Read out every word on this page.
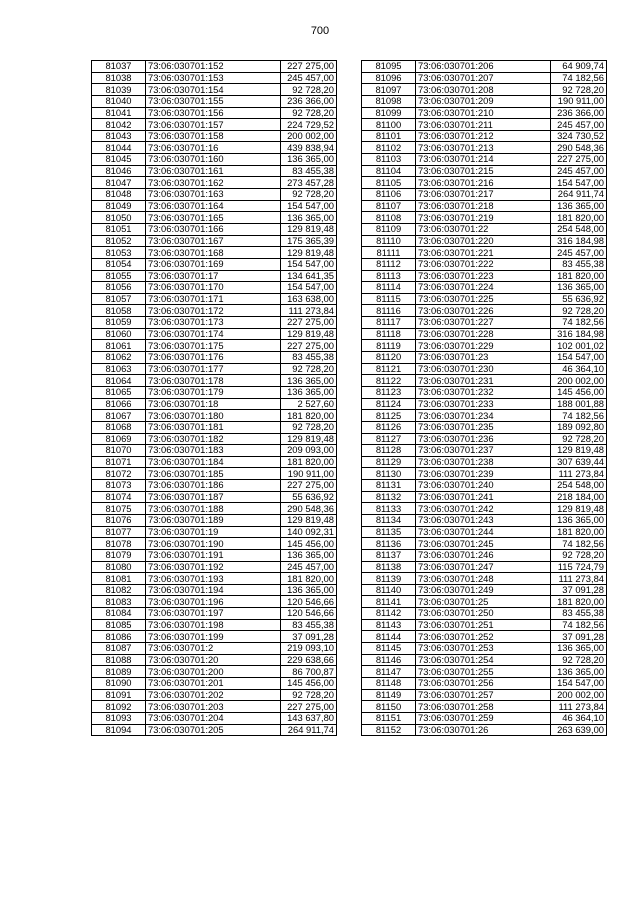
700
81037	73:06:030701:152	227 275,00
81038	73:06:030701:153	245 457,00
81039	73:06:030701:154	92 728,20
81040	73:06:030701:155	236 366,00
81041	73:06:030701:156	92 728,20
81042	73:06:030701:157	224 729,52
81043	73:06:030701:158	200 002,00
81044	73:06:030701:16	439 838,94
81045	73:06:030701:160	136 365,00
81046	73:06:030701:161	83 455,38
81047	73:06:030701:162	273 457,28
81048	73:06:030701:163	92 728,20
81049	73:06:030701:164	154 547,00
81050	73:06:030701:165	136 365,00
81051	73:06:030701:166	129 819,48
81052	73:06:030701:167	175 365,39
81053	73:06:030701:168	129 819,48
81054	73:06:030701:169	154 547,00
81055	73:06:030701:17	134 641,35
81056	73:06:030701:170	154 547,00
81057	73:06:030701:171	163 638,00
81058	73:06:030701:172	111 273,84
81059	73:06:030701:173	227 275,00
81060	73:06:030701:174	129 819,48
81061	73:06:030701:175	227 275,00
81062	73:06:030701:176	83 455,38
81063	73:06:030701:177	92 728,20
81064	73:06:030701:178	136 365,00
81065	73:06:030701:179	136 365,00
81066	73:06:030701:18	2 527,60
81067	73:06:030701:180	181 820,00
81068	73:06:030701:181	92 728,20
81069	73:06:030701:182	129 819,48
81070	73:06:030701:183	209 093,00
81071	73:06:030701:184	181 820,00
81072	73:06:030701:185	190 911,00
81073	73:06:030701:186	227 275,00
81074	73:06:030701:187	55 636,92
81075	73:06:030701:188	290 548,36
81076	73:06:030701:189	129 819,48
81077	73:06:030701:19	140 092,31
81078	73:06:030701:190	145 456,00
81079	73:06:030701:191	136 365,00
81080	73:06:030701:192	245 457,00
81081	73:06:030701:193	181 820,00
81082	73:06:030701:194	136 365,00
81083	73:06:030701:196	120 546,66
81084	73:06:030701:197	120 546,66
81085	73:06:030701:198	83 455,38
81086	73:06:030701:199	37 091,28
81087	73:06:030701:2	219 093,10
81088	73:06:030701:20	229 638,66
81089	73:06:030701:200	86 700,87
81090	73:06:030701:201	145 456,00
81091	73:06:030701:202	92 728,20
81092	73:06:030701:203	227 275,00
81093	73:06:030701:204	143 637,80
81094	73:06:030701:205	264 911,74
81095	73:06:030701:206	64 909,74
81096	73:06:030701:207	74 182,56
81097	73:06:030701:208	92 728,20
81098	73:06:030701:209	190 911,00
81099	73:06:030701:210	236 366,00
81100	73:06:030701:211	245 457,00
81101	73:06:030701:212	324 730,52
81102	73:06:030701:213	290 548,36
81103	73:06:030701:214	227 275,00
81104	73:06:030701:215	245 457,00
81105	73:06:030701:216	154 547,00
81106	73:06:030701:217	264 911,74
81107	73:06:030701:218	136 365,00
81108	73:06:030701:219	181 820,00
81109	73:06:030701:22	254 548,00
81110	73:06:030701:220	316 184,98
81111	73:06:030701:221	245 457,00
81112	73:06:030701:222	83 455,38
81113	73:06:030701:223	181 820,00
81114	73:06:030701:224	136 365,00
81115	73:06:030701:225	55 636,92
81116	73:06:030701:226	92 728,20
81117	73:06:030701:227	74 182,56
81118	73:06:030701:228	316 184,98
81119	73:06:030701:229	102 001,02
81120	73:06:030701:23	154 547,00
81121	73:06:030701:230	46 364,10
81122	73:06:030701:231	200 002,00
81123	73:06:030701:232	145 456,00
81124	73:06:030701:233	188 001,88
81125	73:06:030701:234	74 182,56
81126	73:06:030701:235	189 092,80
81127	73:06:030701:236	92 728,20
81128	73:06:030701:237	129 819,48
81129	73:06:030701:238	307 639,44
81130	73:06:030701:239	111 273,84
81131	73:06:030701:240	254 548,00
81132	73:06:030701:241	218 184,00
81133	73:06:030701:242	129 819,48
81134	73:06:030701:243	136 365,00
81135	73:06:030701:244	181 820,00
81136	73:06:030701:245	74 182,56
81137	73:06:030701:246	92 728,20
81138	73:06:030701:247	115 724,79
81139	73:06:030701:248	111 273,84
81140	73:06:030701:249	37 091,28
81141	73:06:030701:25	181 820,00
81142	73:06:030701:250	83 455,38
81143	73:06:030701:251	74 182,56
81144	73:06:030701:252	37 091,28
81145	73:06:030701:253	136 365,00
81146	73:06:030701:254	92 728,20
81147	73:06:030701:255	136 365,00
81148	73:06:030701:256	154 547,00
81149	73:06:030701:257	200 002,00
81150	73:06:030701:258	111 273,84
81151	73:06:030701:259	46 364,10
81152	73:06:030701:26	263 639,00
